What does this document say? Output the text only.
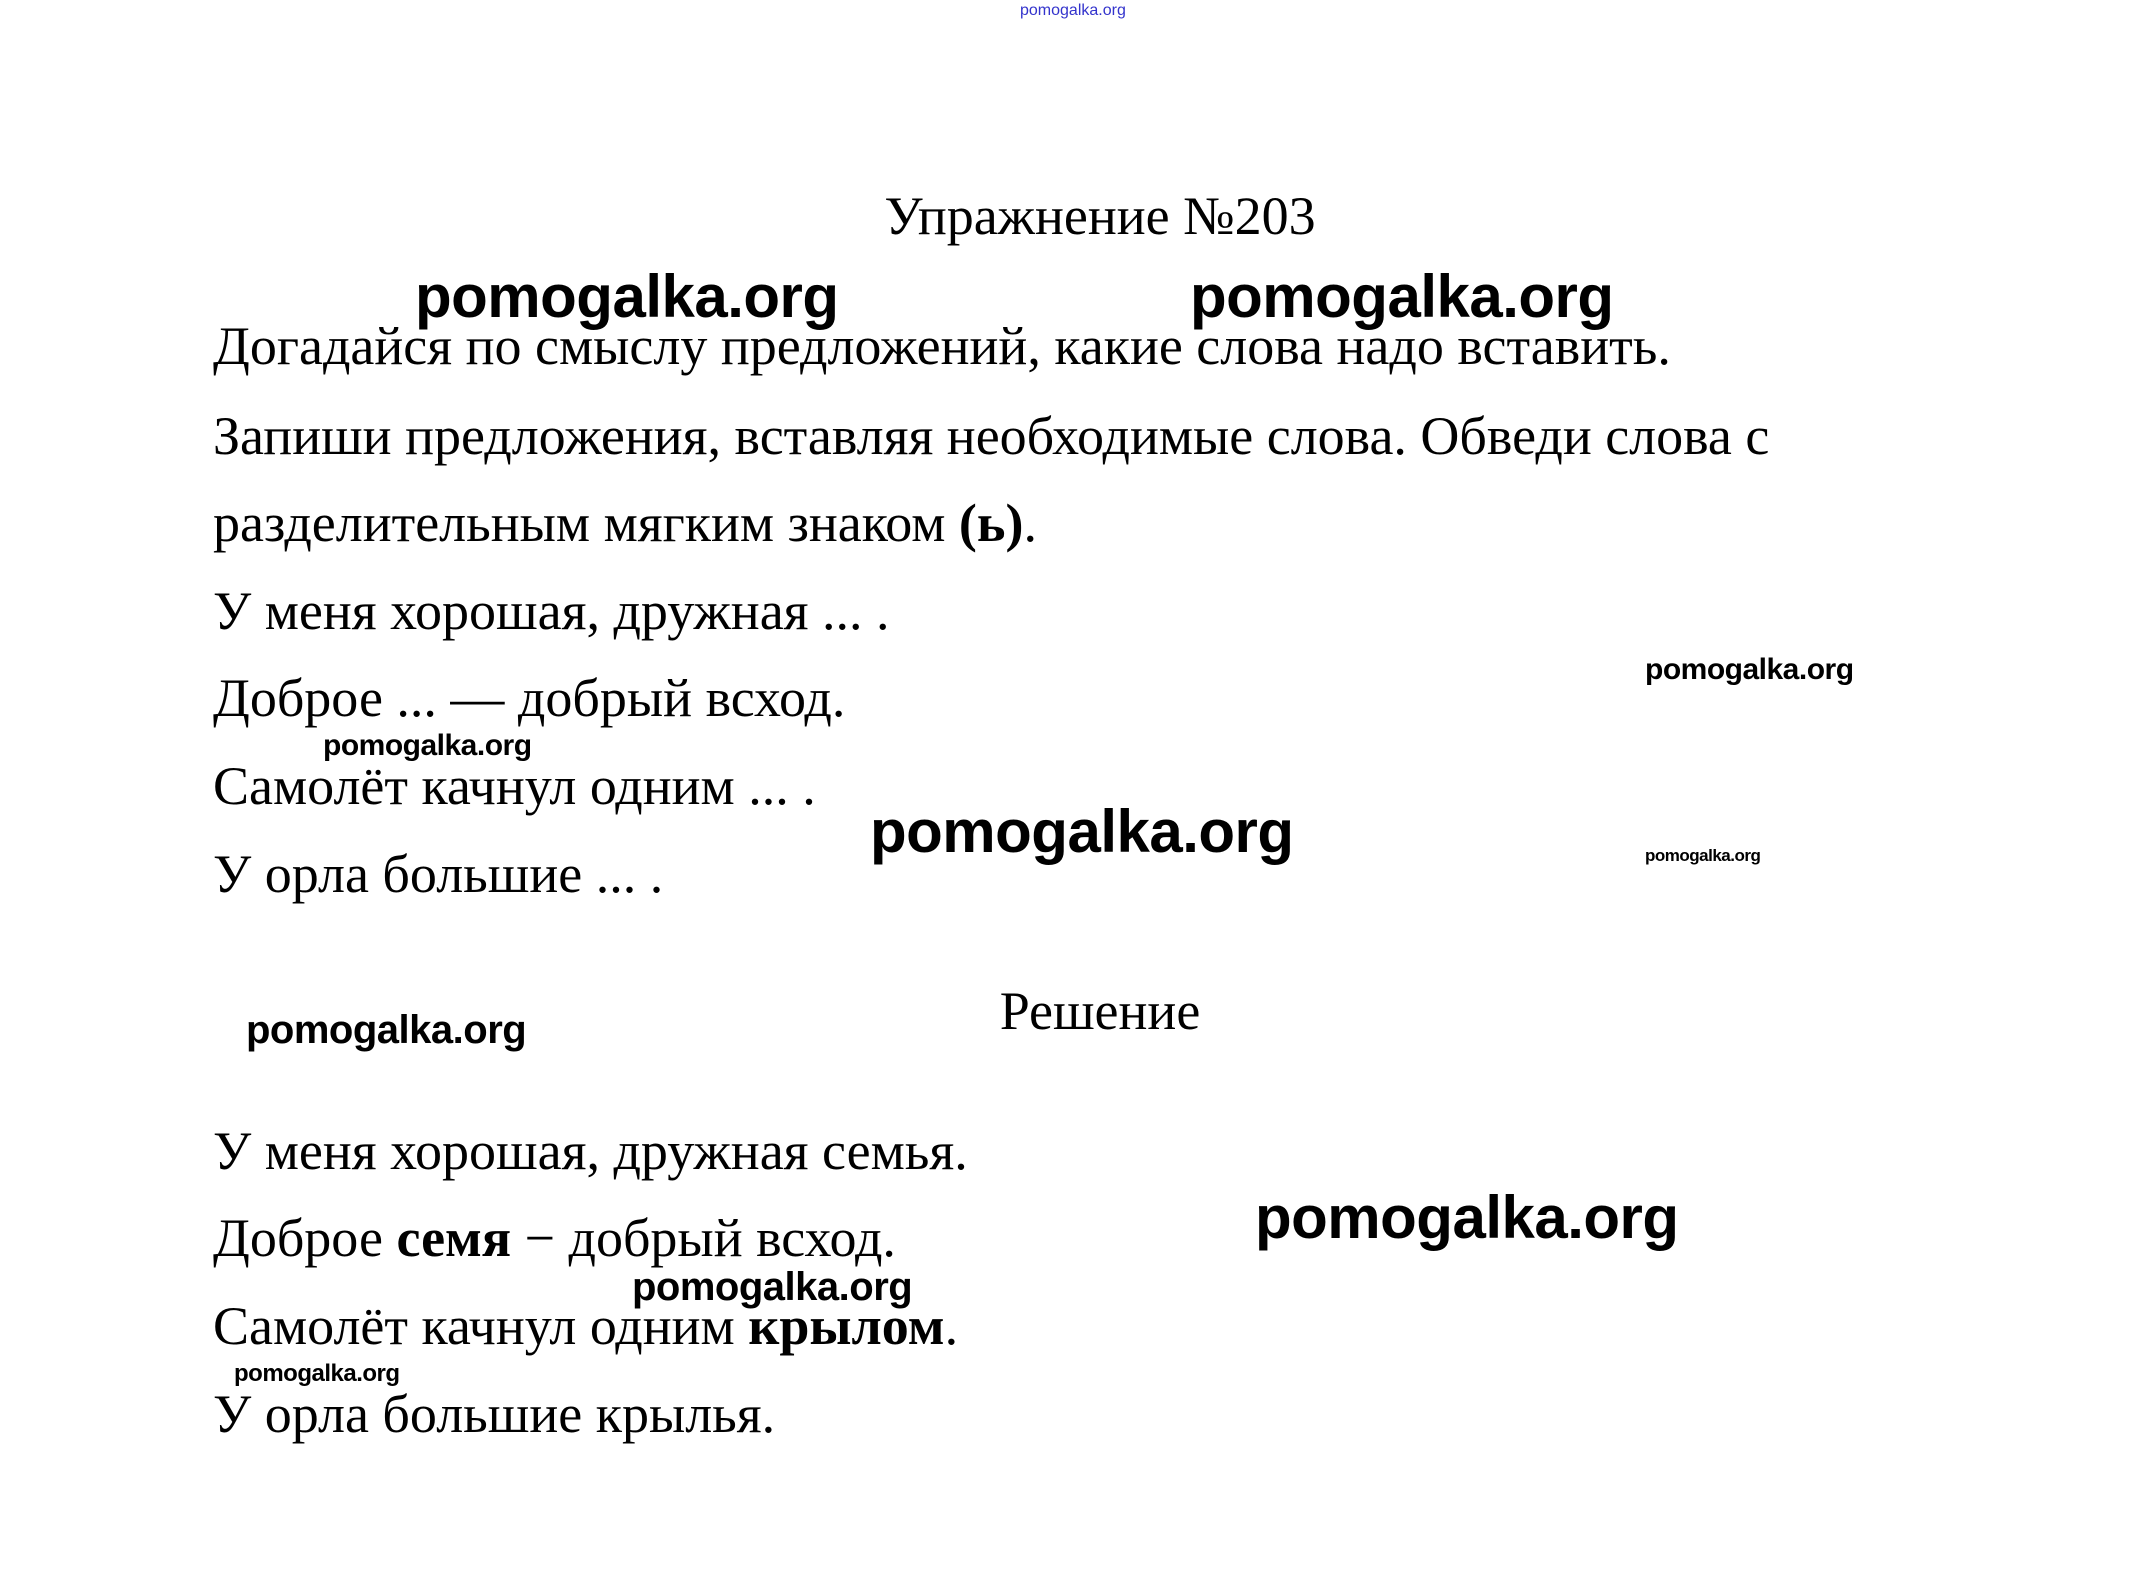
pomogalka.org
Упражнение №203
Догадайся по смыслу предложений, какие слова надо вставить.
Запиши предложения, вставляя необходимые слова. Обведи слова с
разделительным мягким знаком (ь).
У меня хорошая, дружная ... .
Доброе ... — добрый всход.
Самолёт качнул одним ... .
У орла большие ... .
Решение
У меня хорошая, дружная семья.
Доброе семя − добрый всход.
Самолёт качнул одним крылом.
У орла большие крылья.
pomogalka.org	pomogalka.org
pomogalka.org
pomogalka.org
pomogalka.org	pomogalka.org
pomogalka.org
pomogalka.org
pomogalka.org
pomogalka.org
